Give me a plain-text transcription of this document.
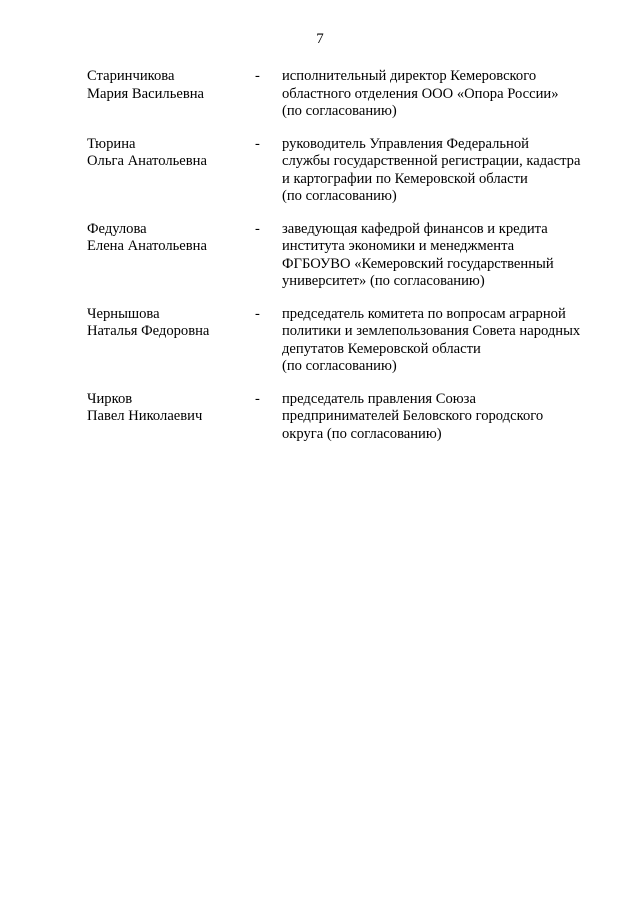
7
Старинчикова
Мария Васильевна
-	исполнительный директор Кемеровского
областного отделения ООО «Опора России»
(по согласованию)
Тюрина
Ольга Анатольевна
-	руководитель Управления Федеральной
службы государственной регистрации, кадастра
и картографии по Кемеровской области
(по согласованию)
Федулова
Елена Анатольевна
-	заведующая кафедрой финансов и кредита
института экономики и менеджмента
ФГБОУВО «Кемеровский государственный
университет» (по согласованию)
Чернышова
Наталья Федоровна
-	председатель комитета по вопросам аграрной
политики и землепользования Совета народных
депутатов Кемеровской области
(по согласованию)
Чирков
Павел Николаевич
-	председатель правления Союза
предпринимателей Беловского городского
округа (по согласованию)
